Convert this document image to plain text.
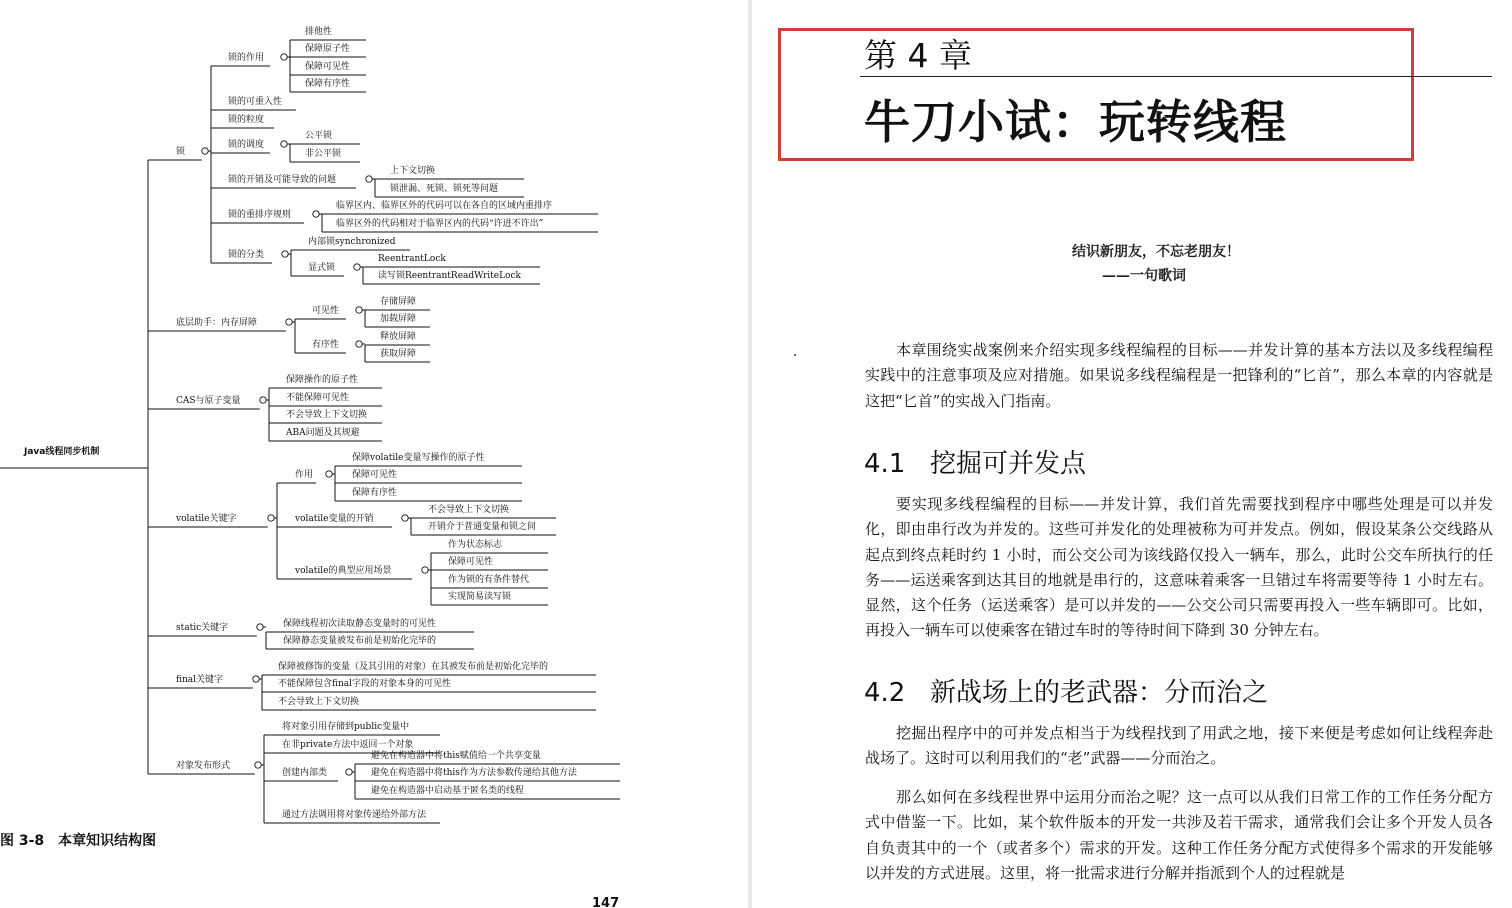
Java线程同步机制
锁
锁的作用
排他性
保障原子性
保障可见性
保障有序性
锁的可重入性
锁的粒度
锁的调度
公平锁
非公平锁
锁的开销及可能导致的问题
上下文切换
锁泄漏、死锁、锁死等问题
锁的重排序规则
临界区内、临界区外的代码可以在各自的区域内重排序
临界区外的代码相对于临界区内的代码“许进不许出”
锁的分类
内部锁synchronized
显式锁
ReentrantLock
读写锁ReentrantReadWriteLock
底层助手：内存屏障
可见性
存储屏障
加载屏障
有序性
释放屏障
获取屏障
CAS与原子变量
保障操作的原子性
不能保障可见性
不会导致上下文切换
ABA问题及其规避
volatile关键字
作用
保障volatile变量写操作的原子性
保障可见性
保障有序性
volatile变量的开销
不会导致上下文切换
开销介于普通变量和锁之间
volatile的典型应用场景
作为状态标志
保障可见性
作为锁的有条件替代
实现简易读写锁
static关键字	保障线程初次读取静态变量时的可见性
保障静态变量被发布前是初始化完毕的
final关键字
保障被修饰的变量（及其引用的对象）在其被发布前是初始化完毕的
不能保障包含final字段的对象本身的可见性
不会导致上下文切换
对象发布形式
将对象引用存储到public变量中
在非private方法中返回一个对象
创建内部类
避免在构造器中将this赋值给一个共享变量
避免在构造器中将this作为方法参数传递给其他方法
避免在构造器中启动基于匿名类的线程
通过方法调用将对象传递给外部方法
图 3-8　本章知识结构图
147
第 4 章
牛刀小试：玩转线程
结识新朋友，不忘老朋友！
——一句歌词

本章围绕实战案例来介绍实现多线程编程的目标——并发计算的基本方法以及多线程编程实践中的注意事项及应对措施。如果说多线程编程是一把锋利的“匕首”，那么本章的内容就是这把“匕首”的实战入门指南。

4.1 挖掘可并发点

要实现多线程编程的目标——并发计算，我们首先需要找到程序中哪些处理是可以并发化，即由串行改为并发的。这些可并发化的处理被称为可并发点。例如，假设某条公交线路从起点到终点耗时约 1 小时，而公交公司为该线路仅投入一辆车，那么，此时公交车所执行的任务——运送乘客到达其目的地就是串行的，这意味着乘客一旦错过车将需要等待 1 小时左右。显然，这个任务（运送乘客）是可以并发的——公交公司只需要再投入一些车辆即可。比如，再投入一辆车可以使乘客在错过车时的等待时间下降到 30 分钟左右。

4.2 新战场上的老武器：分而治之

挖掘出程序中的可并发点相当于为线程找到了用武之地，接下来便是考虑如何让线程奔赴战场了。这时可以利用我们的“老”武器——分而治之。

那么如何在多线程世界中运用分而治之呢？这一点可以从我们日常工作的工作任务分配方式中借鉴一下。比如，某个软件版本的开发一共涉及若干需求，通常我们会让多个开发人员各自负责其中的一个（或者多个）需求的开发。这种工作任务分配方式使得多个需求的开发能够以并发的方式进展。这里，将一批需求进行分解并指派到个人的过程就是
